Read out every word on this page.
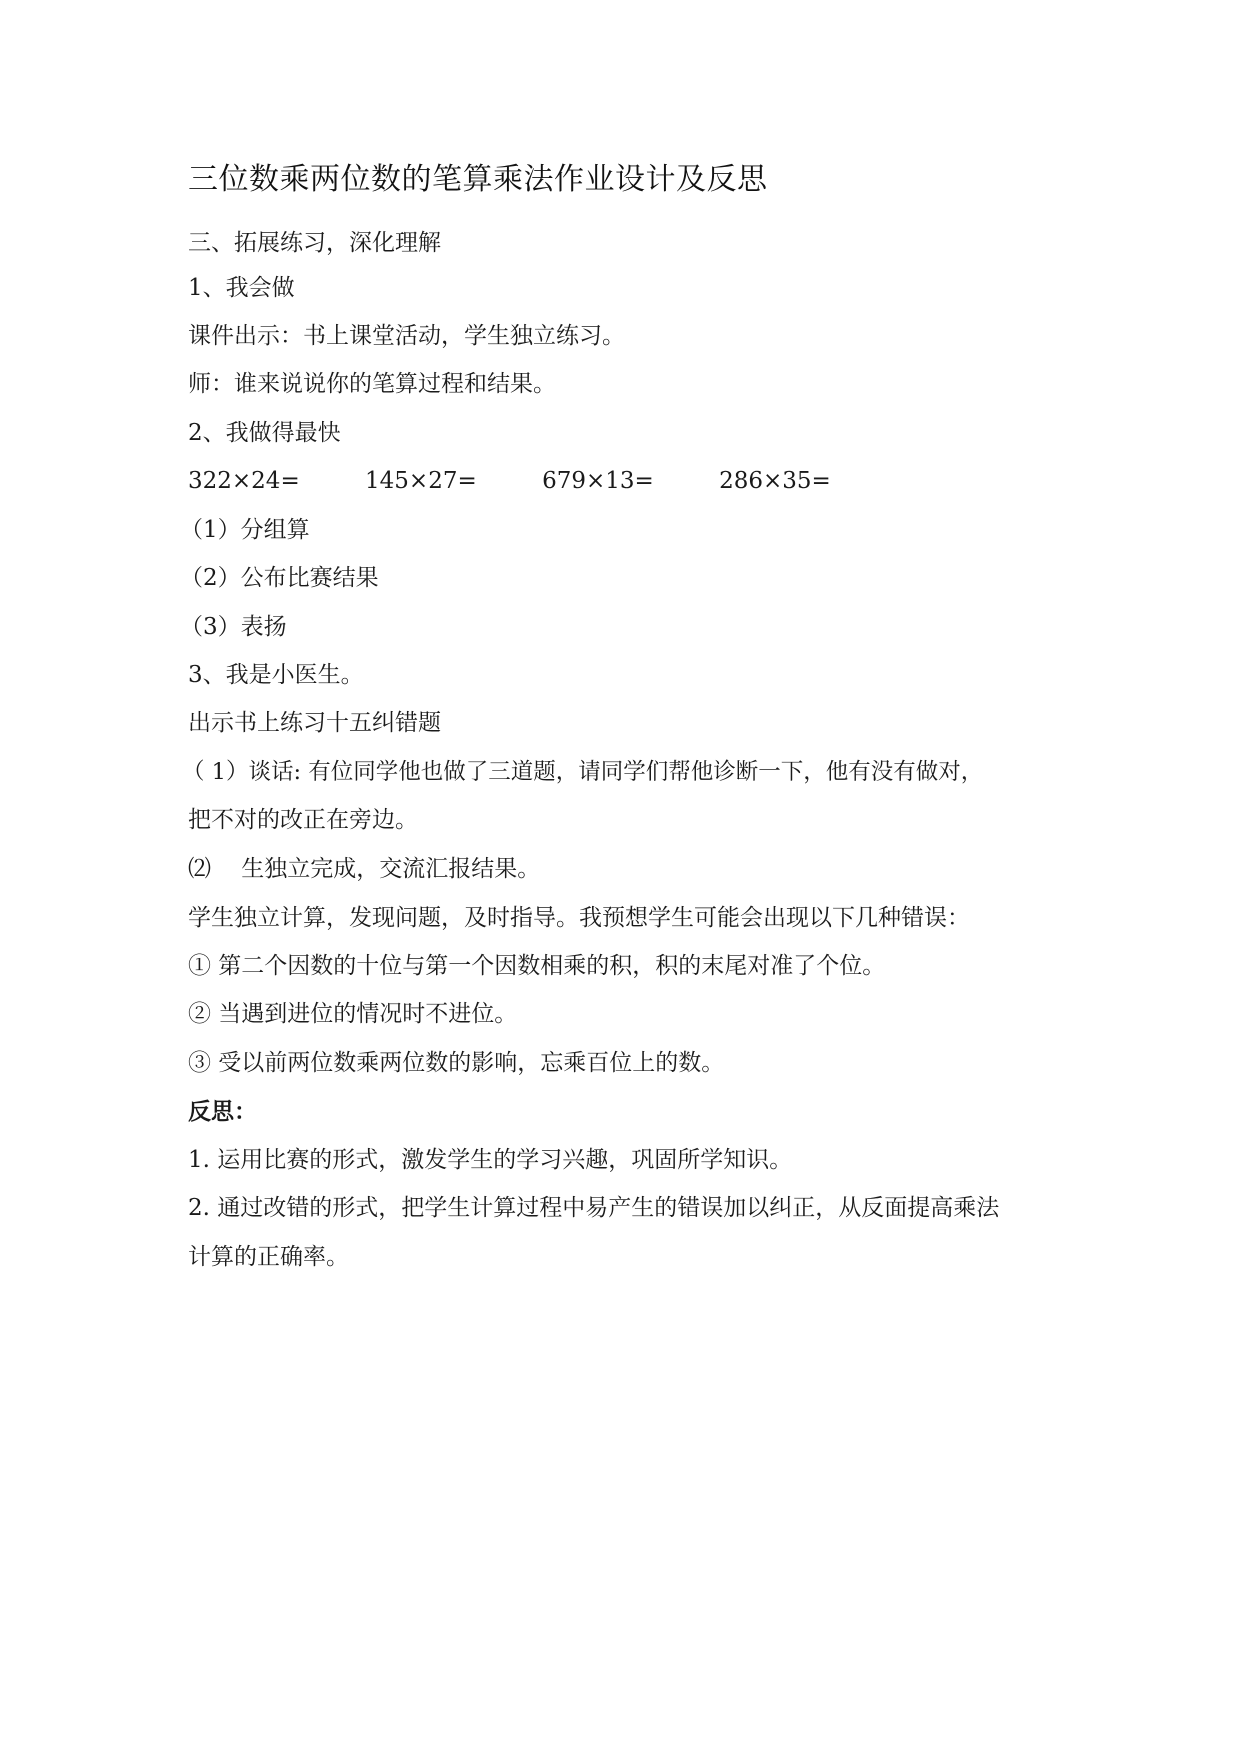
三位数乘两位数的笔算乘法作业设计及反思
三、拓展练习，深化理解
1、我会做
课件出示：书上课堂活动，学生独立练习。
师：谁来说说你的笔算过程和结果。
2、我做得最快
322×24=	145×27=	679×13=	286×35=
（1）分组算
（2）公布比赛结果
（3）表扬
3、我是小医生。
出示书上练习十五纠错题
（ 1）谈话: 有位同学他也做了三道题，请同学们帮他诊断一下，他有没有做对，
把不对的改正在旁边。
⑵　 生独立完成，交流汇报结果。
学生独立计算，发现问题，及时指导。我预想学生可能会出现以下几种错误：
① 第二个因数的十位与第一个因数相乘的积，积的末尾对准了个位。
② 当遇到进位的情况时不进位。
③ 受以前两位数乘两位数的影响，忘乘百位上的数。
反思：
1. 运用比赛的形式，激发学生的学习兴趣，巩固所学知识。
2. 通过改错的形式，把学生计算过程中易产生的错误加以纠正，从反面提高乘法
计算的正确率。
